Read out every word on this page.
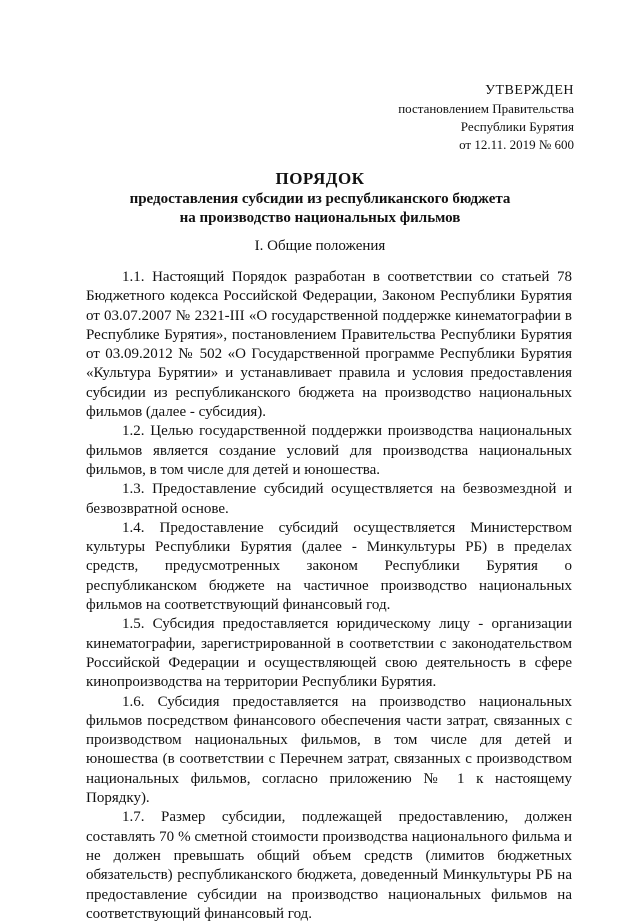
УТВЕРЖДЕН
постановлением Правительства
Республики Бурятия
от 12.11. 2019 № 600
ПОРЯДОК
предоставления субсидии из республиканского бюджета
на производство национальных фильмов
I. Общие положения

1.1. Настоящий Порядок разработан в соответствии со статьей 78 Бюджетного кодекса Российской Федерации, Законом Республики Бурятия от 03.07.2007 № 2321-III «О государственной поддержке кинематографии в Республике Бурятия», постановлением Правительства Республики Бурятия от 03.09.2012 № 502 «О Государственной программе Республики Бурятия «Культура Бурятии» и устанавливает правила и условия предоставления субсидии из республиканского бюджета на производство национальных фильмов (далее - субсидия).

1.2. Целью государственной поддержки производства национальных фильмов является создание условий для производства национальных фильмов, в том числе для детей и юношества.

1.3. Предоставление субсидий осуществляется на безвозмездной и безвозвратной основе.

1.4. Предоставление субсидий осуществляется Министерством культуры Республики Бурятия (далее - Минкультуры РБ) в пределах средств, предусмотренных законом Республики Бурятия о республиканском бюджете на частичное производство национальных фильмов на соответствующий финансовый год.

1.5. Субсидия предоставляется юридическому лицу - организации кинематографии, зарегистрированной в соответствии с законодательством Российской Федерации и осуществляющей свою деятельность в сфере кинопроизводства на территории Республики Бурятия.

1.6. Субсидия предоставляется на производство национальных фильмов посредством финансового обеспечения части затрат, связанных с производством национальных фильмов, в том числе для детей и юношества (в соответствии с Перечнем затрат, связанных с производством национальных фильмов, согласно приложению № 1 к настоящему Порядку).

1.7. Размер субсидии, подлежащей предоставлению, должен составлять 70 % сметной стоимости производства национального фильма и не должен превышать общий объем средств (лимитов бюджетных обязательств) республиканского бюджета, доведенный Минкультуры РБ на предоставление субсидии на производство национальных фильмов на соответствующий финансовый год.
